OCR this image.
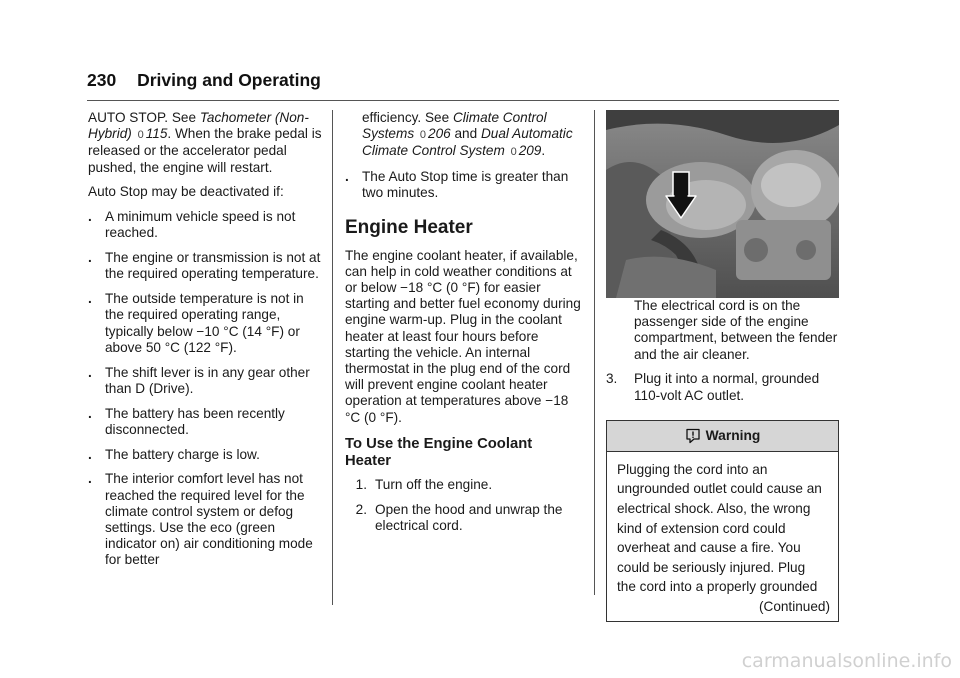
230 Driving and Operating

AUTO STOP. See Tachometer (Non-Hybrid) 0 115. When the brake pedal is released or the accelerator pedal pushed, the engine will restart.

Auto Stop may be deactivated if:

. A minimum vehicle speed is not reached.
. The engine or transmission is not at the required operating temperature.
. The outside temperature is not in the required operating range, typically below −10 °C (14 °F) or above 50 °C (122 °F).
. The shift lever is in any gear other than D (Drive).
. The battery has been recently disconnected.
. The battery charge is low.
. The interior comfort level has not reached the required level for the climate control system or defog settings. Use the eco (green indicator on) air conditioning mode for better

efficiency. See Climate Control Systems 0 206 and Dual Automatic Climate Control System 0 209.

. The Auto Stop time is greater than two minutes.
Engine Heater

The engine coolant heater, if available, can help in cold weather conditions at or below −18 °C (0 °F) for easier starting and better fuel economy during engine warm-up. Plug in the coolant heater at least four hours before starting the vehicle. An internal thermostat in the plug end of the cord will prevent engine coolant heater operation at temperatures above −18 °C (0 °F).

To Use the Engine Coolant Heater
1. Turn off the engine.
2. Open the hood and unwrap the electrical cord.

The electrical cord is on the passenger side of the engine compartment, between the fender and the air cleaner.

3.	Plug it into a normal, grounded 110-volt AC outlet.
Warning
Plugging the cord into an
ungrounded outlet could cause an
electrical shock. Also, the wrong
kind of extension cord could
overheat and cause a fire. You
could be seriously injured. Plug
the cord into a properly grounded
(Continued)
carmanualsonline.info
